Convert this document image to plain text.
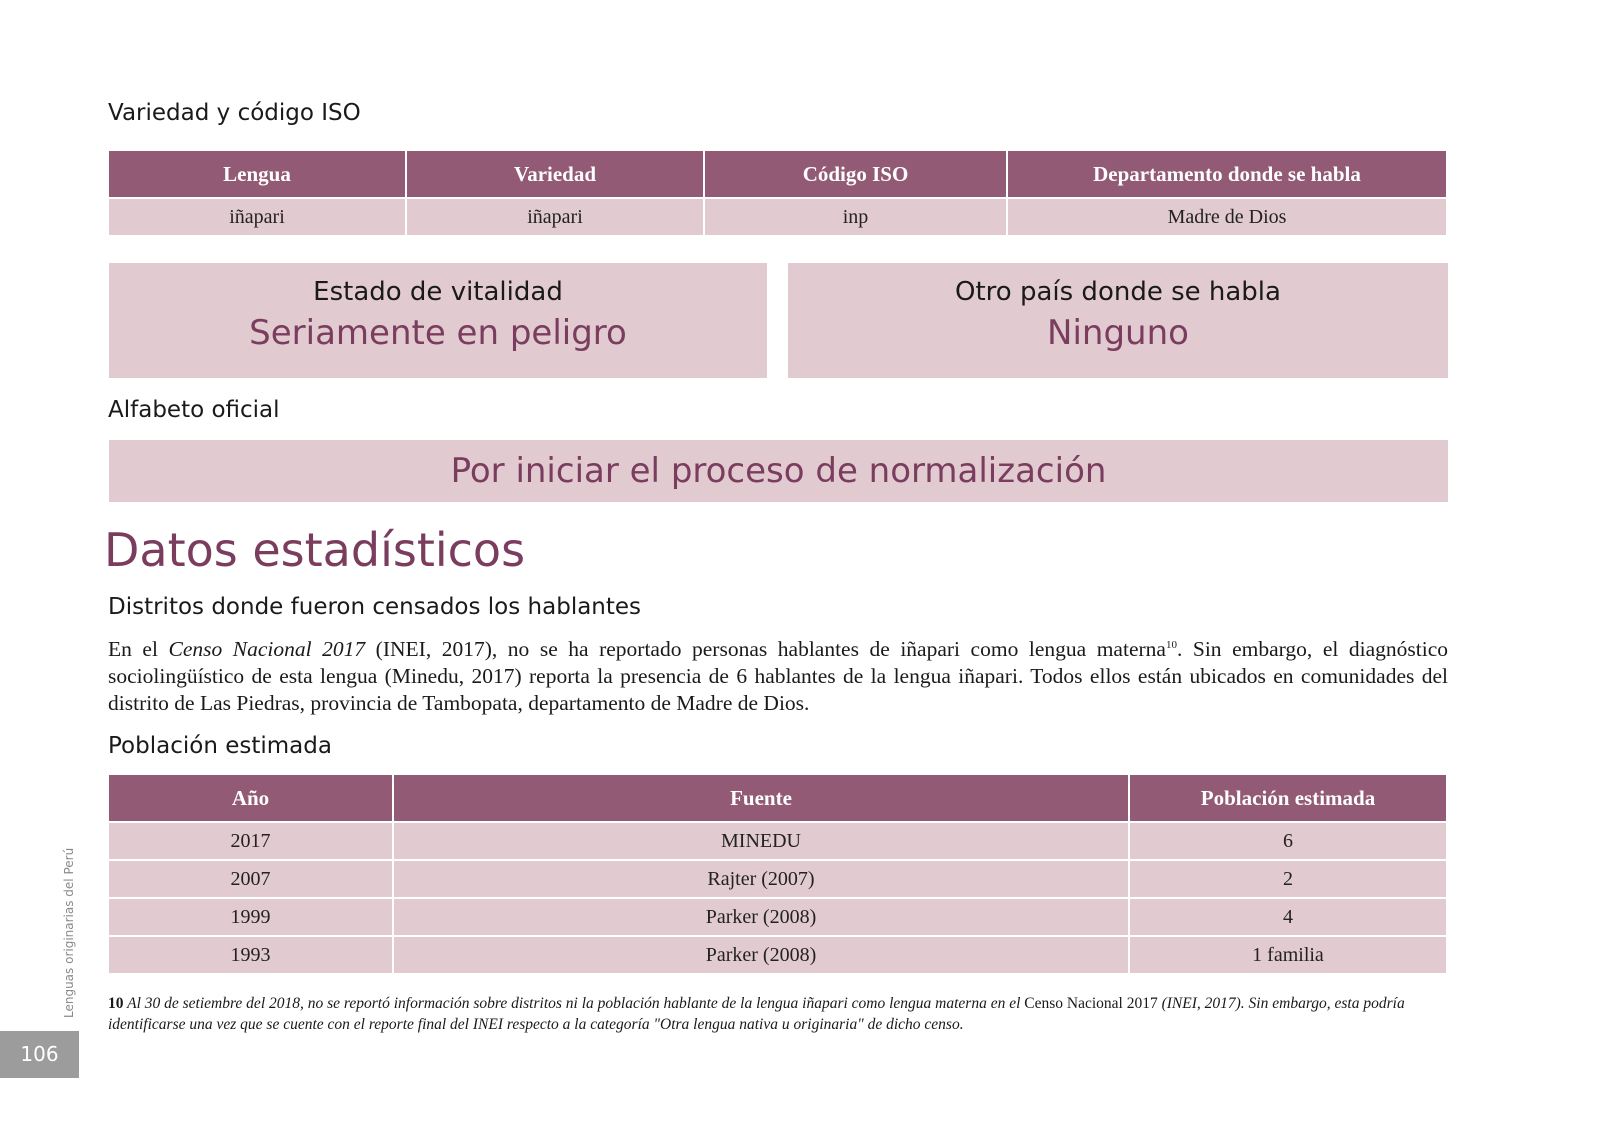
Variedad y código ISO
Lengua	Variedad	Código ISO	Departamento donde se habla
iñapari	iñapari	inp	Madre de Dios
Estado de vitalidad
Seriamente en peligro
Otro país donde se habla
Ninguno
Alfabeto oficial
Por iniciar el proceso de normalización
Datos estadísticos
Distritos donde fueron censados los hablantes
En el Censo Nacional 2017 (INEI, 2017), no se ha reportado personas hablantes de iñapari como lengua materna$^{10}$. Sin embargo, el diagnóstico sociolingüístico de esta lengua (Minedu, 2017) reporta la presencia de 6 hablantes de la lengua iñapari. Todos ellos están ubicados en comunidades del distrito de Las Piedras, provincia de Tambopata, departamento de Madre de Dios.
Población estimada
Año	Fuente	Población estimada
2017	MINEDU	6
2007	Rajter (2007)	2
1999	Parker (2008)	4
1993	Parker (2008)	1 familia
10 Al 30 de setiembre del 2018, no se reportó información sobre distritos ni la población hablante de la lengua iñapari como lengua materna en el Censo Nacional 2017 (INEI, 2017). Sin embargo, esta podría identificarse una vez que se cuente con el reporte final del INEI respecto a la categoría "Otra lengua nativa u originaria" de dicho censo.
Lenguas originarias del Perú
106
